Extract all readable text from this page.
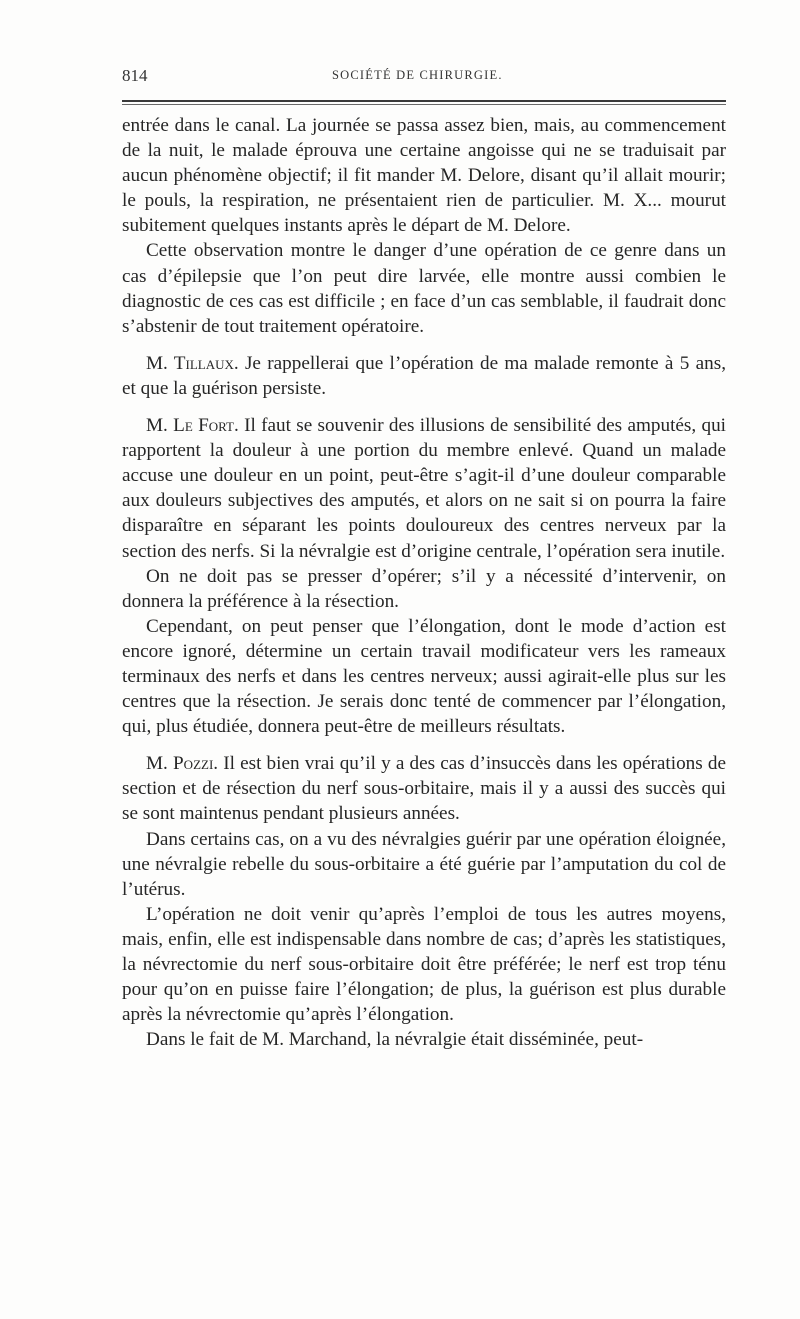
814	SOCIÉTÉ DE CHIRURGIE.

entrée dans le canal. La journée se passa assez bien, mais, au commencement de la nuit, le malade éprouva une certaine angoisse qui ne se traduisait par aucun phénomène objectif; il fit mander M. Delore, disant qu’il allait mourir; le pouls, la respiration, ne présentaient rien de particulier. M. X... mourut subitement quelques instants après le départ de M. Delore.

Cette observation montre le danger d’une opération de ce genre dans un cas d’épilepsie que l’on peut dire larvée, elle montre aussi combien le diagnostic de ces cas est difficile ; en face d’un cas semblable, il faudrait donc s’abstenir de tout traitement opératoire.

M. Tillaux. Je rappellerai que l’opération de ma malade remonte à 5 ans, et que la guérison persiste.

M. Le Fort. Il faut se souvenir des illusions de sensibilité des amputés, qui rapportent la douleur à une portion du membre enlevé. Quand un malade accuse une douleur en un point, peut-être s’agit-il d’une douleur comparable aux douleurs subjectives des amputés, et alors on ne sait si on pourra la faire disparaître en séparant les points douloureux des centres nerveux par la section des nerfs. Si la névralgie est d’origine centrale, l’opération sera inutile.

On ne doit pas se presser d’opérer; s’il y a nécessité d’intervenir, on donnera la préférence à la résection.

Cependant, on peut penser que l’élongation, dont le mode d’action est encore ignoré, détermine un certain travail modificateur vers les rameaux terminaux des nerfs et dans les centres nerveux; aussi agirait-elle plus sur les centres que la résection. Je serais donc tenté de commencer par l’élongation, qui, plus étudiée, donnera peut-être de meilleurs résultats.

M. Pozzi. Il est bien vrai qu’il y a des cas d’insuccès dans les opérations de section et de résection du nerf sous-orbitaire, mais il y a aussi des succès qui se sont maintenus pendant plusieurs années.

Dans certains cas, on a vu des névralgies guérir par une opération éloignée, une névralgie rebelle du sous-orbitaire a été guérie par l’amputation du col de l’utérus.

L’opération ne doit venir qu’après l’emploi de tous les autres moyens, mais, enfin, elle est indispensable dans nombre de cas; d’après les statistiques, la névrectomie du nerf sous-orbitaire doit être préférée; le nerf est trop ténu pour qu’on en puisse faire l’élongation; de plus, la guérison est plus durable après la névrectomie qu’après l’élongation.

Dans le fait de M. Marchand, la névralgie était disséminée, peut-
